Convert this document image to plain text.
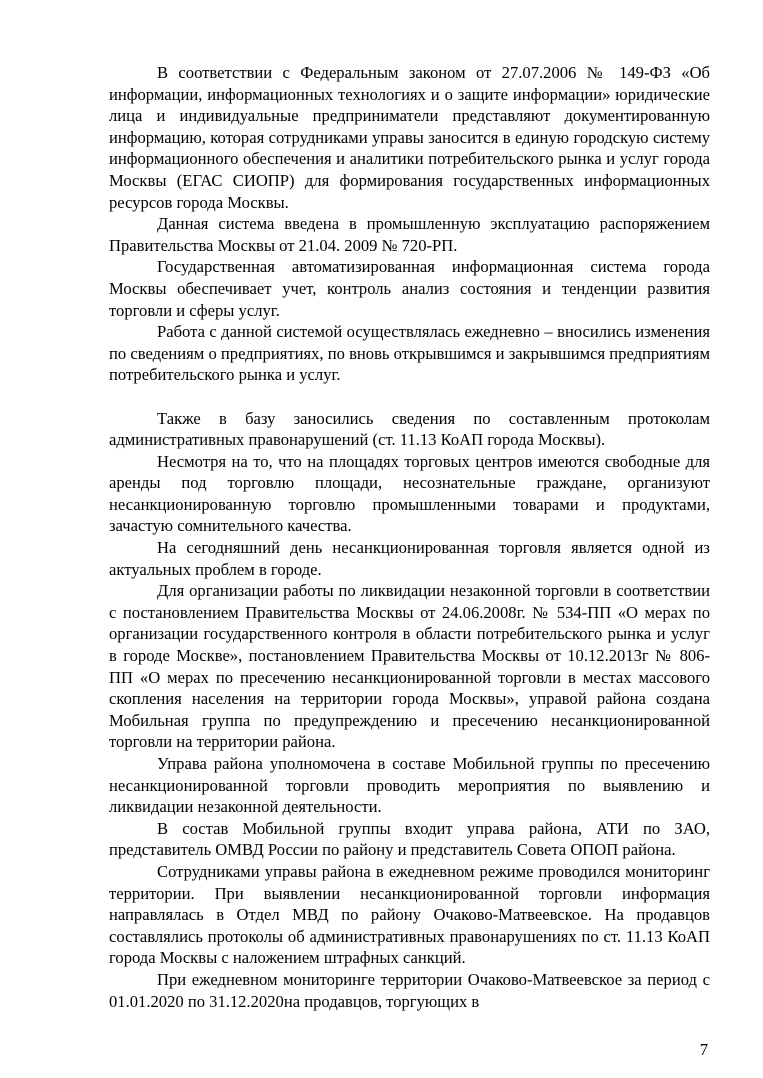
В соответствии с Федеральным законом от 27.07.2006 № 149-ФЗ «Об информации, информационных технологиях и о защите информации» юридические лица и индивидуальные предприниматели представляют документированную информацию, которая сотрудниками управы заносится в единую городскую систему информационного обеспечения и аналитики потребительского рынка и услуг города Москвы (ЕГАС СИОПР) для формирования государственных информационных ресурсов города Москвы.

Данная система введена в промышленную эксплуатацию распоряжением Правительства Москвы от 21.04. 2009 № 720-РП.

Государственная автоматизированная информационная система города Москвы обеспечивает учет, контроль анализ состояния и тенденции развития торговли и сферы услуг.

Работа с данной системой осуществлялась ежедневно – вносились изменения по сведениям о предприятиях, по вновь открывшимся и закрывшимся предприятиям потребительского рынка и услуг.

Также в базу заносились сведения по составленным протоколам административных правонарушений (ст. 11.13 КоАП города Москвы).

Несмотря на то, что на площадях торговых центров имеются свободные для аренды под торговлю площади, несознательные граждане, организуют несанкционированную торговлю промышленными товарами и продуктами, зачастую сомнительного качества.

На сегодняшний день несанкционированная торговля является одной из актуальных проблем в городе.

Для организации работы по ликвидации незаконной торговли в соответствии с постановлением Правительства Москвы от 24.06.2008г. № 534-ПП «О мерах по организации государственного контроля в области потребительского рынка и услуг в городе Москве», постановлением Правительства Москвы от 10.12.2013г № 806-ПП «О мерах по пресечению несанкционированной торговли в местах массового скопления населения на территории города Москвы», управой района создана Мобильная группа по предупреждению и пресечению несанкционированной торговли на территории района.

Управа района уполномочена в составе Мобильной группы по пресечению несанкционированной торговли проводить мероприятия по выявлению и ликвидации незаконной деятельности.

В состав Мобильной группы входит управа района, АТИ по ЗАО, представитель ОМВД России по району и представитель Совета ОПОП района.

Сотрудниками управы района в ежедневном режиме проводился мониторинг территории. При выявлении несанкционированной торговли информация направлялась в Отдел МВД по району Очаково-Матвеевское. На продавцов составлялись протоколы об административных правонарушениях по ст. 11.13 КоАП города Москвы с наложением штрафных санкций.

При ежедневном мониторинге территории Очаково-Матвеевское за период с 01.01.2020 по 31.12.2020на продавцов, торгующих в

7
